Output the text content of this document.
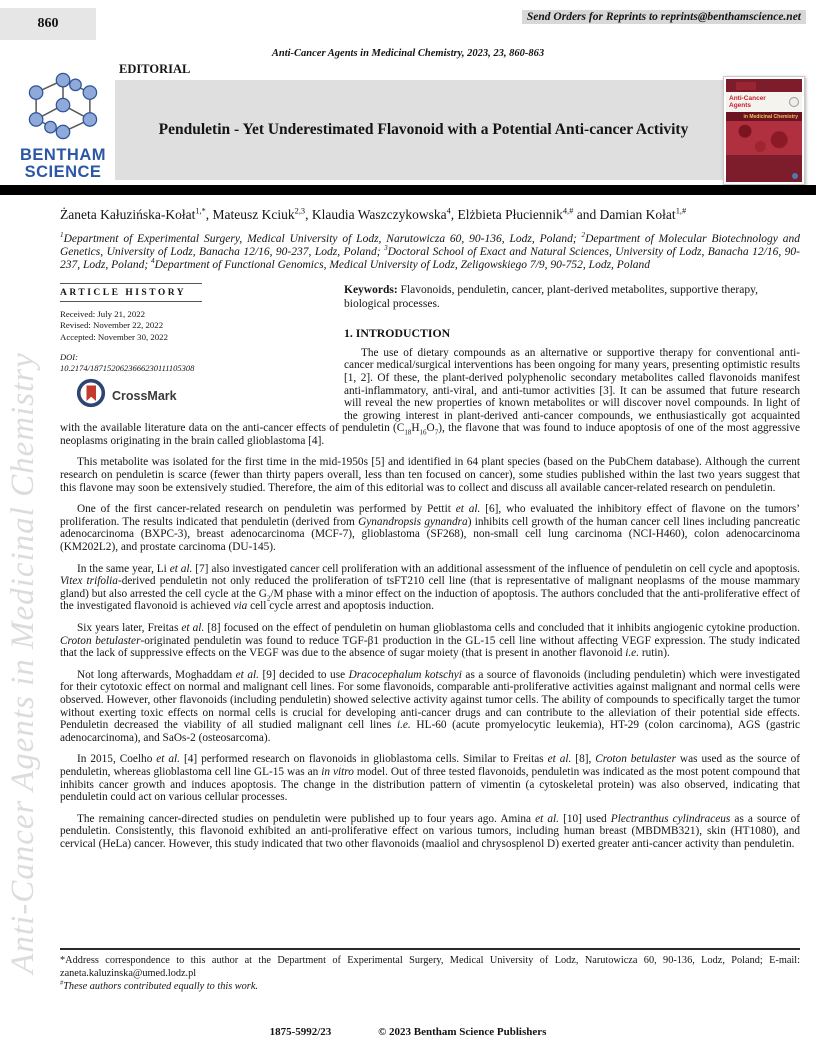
Anti-Cancer Agents in Medicinal Chemistry
860	Send Orders for Reprints to reprints@benthamscience.net
Anti-Cancer Agents in Medicinal Chemistry, 2023, 23, 860-863
EDITORIAL
Penduletin - Yet Underestimated Flavonoid with a Potential Anti-cancer Activity
BENTHAM
SCIENCE
Anti-Cancer Agents
in Medicinal Chemistry

Żaneta Kałuzińska-Kołat$^{1,*}$, Mateusz Kciuk$^{2,3}$, Klaudia Waszczykowska$^4$, Elżbieta Płuciennik$^{4,\#}$ and Damian Kołat$^{1,\#}$

$^1$Department of Experimental Surgery, Medical University of Lodz, Narutowicza 60, 90-136, Lodz, Poland; $^2$Department of Molecular Biotechnology and Genetics, University of Lodz, Banacha 12/16, 90-237, Lodz, Poland; $^3$Doctoral School of Exact and Natural Sciences, University of Lodz, Banacha 12/16, 90-237, Lodz, Poland; $^4$Department of Functional Genomics, Medical University of Lodz, Zeligowskiego 7/9, 90-752, Lodz, Poland

ARTICLE HISTORY
Received: July 21, 2022
Revised: November 22, 2022
Accepted: November 30, 2022
DOI:
10.2174/1871520623666230111105308
CrossMark

Keywords: Flavonoids, penduletin, cancer, plant-derived metabolites, supportive therapy, biological processes.

1. INTRODUCTION

The use of dietary compounds as an alternative or supportive therapy for conventional anti-cancer medical/surgical interventions has been ongoing for many years, presenting optimistic results [1, 2]. Of these, the plant-derived polyphenolic secondary metabolites called flavonoids manifest anti-inflammatory, anti-viral, and anti-tumor activities [3]. It can be assumed that future research will reveal the new properties of known metabolites or will discover novel compounds. In light of the growing interest in plant-derived anti-cancer compounds, we enthusiastically got acquainted with the available literature data on the anti-cancer effects of penduletin $(C_{18}H_{16}O_7)$, the flavone that was found to induce apoptosis of one of the most aggressive neoplasms originating in the brain called glioblastoma [4].

This metabolite was isolated for the first time in the mid-1950s [5] and identified in 64 plant species (based on the PubChem database). Although the current research on penduletin is scarce (fewer than thirty papers overall, less than ten focused on cancer), some studies published within the last two years suggest that this flavone may soon be extensively studied. Therefore, the aim of this editorial was to collect and discuss all available cancer-related research on penduletin.

One of the first cancer-related research on penduletin was performed by Pettit et al. [6], who evaluated the inhibitory effect of flavone on the tumors’ proliferation. The results indicated that penduletin (derived from Gynandropsis gynandra) inhibits cell growth of the human cancer cell lines including pancreatic adenocarcinoma (BXPC-3), breast adenocarcinoma (MCF-7), glioblastoma (SF268), non-small cell lung carcinoma (NCI-H460), colon adenocarcinoma (KM202L2), and prostate carcinoma (DU-145).

In the same year, Li et al. [7] also investigated cancer cell proliferation with an additional assessment of the influence of penduletin on cell cycle and apoptosis. Vitex trifolia-derived penduletin not only reduced the proliferation of tsFT210 cell line (that is representative of malignant neoplasms of the mouse mammary gland) but also arrested the cell cycle at the $G_2/M$ phase with a minor effect on the induction of apoptosis. The authors concluded that the anti-proliferative effect of the investigated flavonoid is achieved via cell cycle arrest and apoptosis induction.

Six years later, Freitas et al. [8] focused on the effect of penduletin on human glioblastoma cells and concluded that it inhibits angiogenic cytokine production. Croton betulaster-originated penduletin was found to reduce TGF-β1 production in the GL-15 cell line without affecting VEGF expression. The study indicated that the lack of suppressive effects on the VEGF was due to the absence of sugar moiety (that is present in another flavonoid i.e. rutin).

Not long afterwards, Moghaddam et al. [9] decided to use Dracocephalum kotschyi as a source of flavonoids (including penduletin) which were investigated for their cytotoxic effect on normal and malignant cell lines. For some flavonoids, comparable anti-proliferative activities against malignant and normal cells were observed. However, other flavonoids (including penduletin) showed selective activity against tumor cells. The ability of compounds to specifically target the tumor without exerting toxic effects on normal cells is crucial for developing anti-cancer drugs and can contribute to the alleviation of their potential side effects. Penduletin decreased the viability of all studied malignant cell lines i.e. HL-60 (acute promyelocytic leukemia), HT-29 (colon carcinoma), AGS (gastric adenocarcinoma), and SaOs-2 (osteosarcoma).

In 2015, Coelho et al. [4] performed research on flavonoids in glioblastoma cells. Similar to Freitas et al. [8], Croton betulaster was used as the source of penduletin, whereas glioblastoma cell line GL-15 was an in vitro model. Out of three tested flavonoids, penduletin was indicated as the most potent compound that inhibits cancer growth and induces apoptosis. The change in the distribution pattern of vimentin (a cytoskeletal protein) was also observed, indicating that penduletin could act on various cellular processes.

The remaining cancer-directed studies on penduletin were published up to four years ago. Amina et al. [10] used Plectranthus cylindraceus as a source of penduletin. Consistently, this flavonoid exhibited an anti-proliferative effect on various tumors, including human breast (MBDMB321), skin (HT1080), and cervical (HeLa) cancer. However, this study indicated that two other flavonoids (maaliol and chrysosplenol D) exerted greater anti-cancer activity than penduletin.

*Address correspondence to this author at the Department of Experimental Surgery, Medical University of Lodz, Narutowicza 60, 90-136, Lodz, Poland; E-mail: zaneta.kaluzinska@umed.lodz.pl

#These authors contributed equally to this work.

1875-5992/23	© 2023 Bentham Science Publishers
